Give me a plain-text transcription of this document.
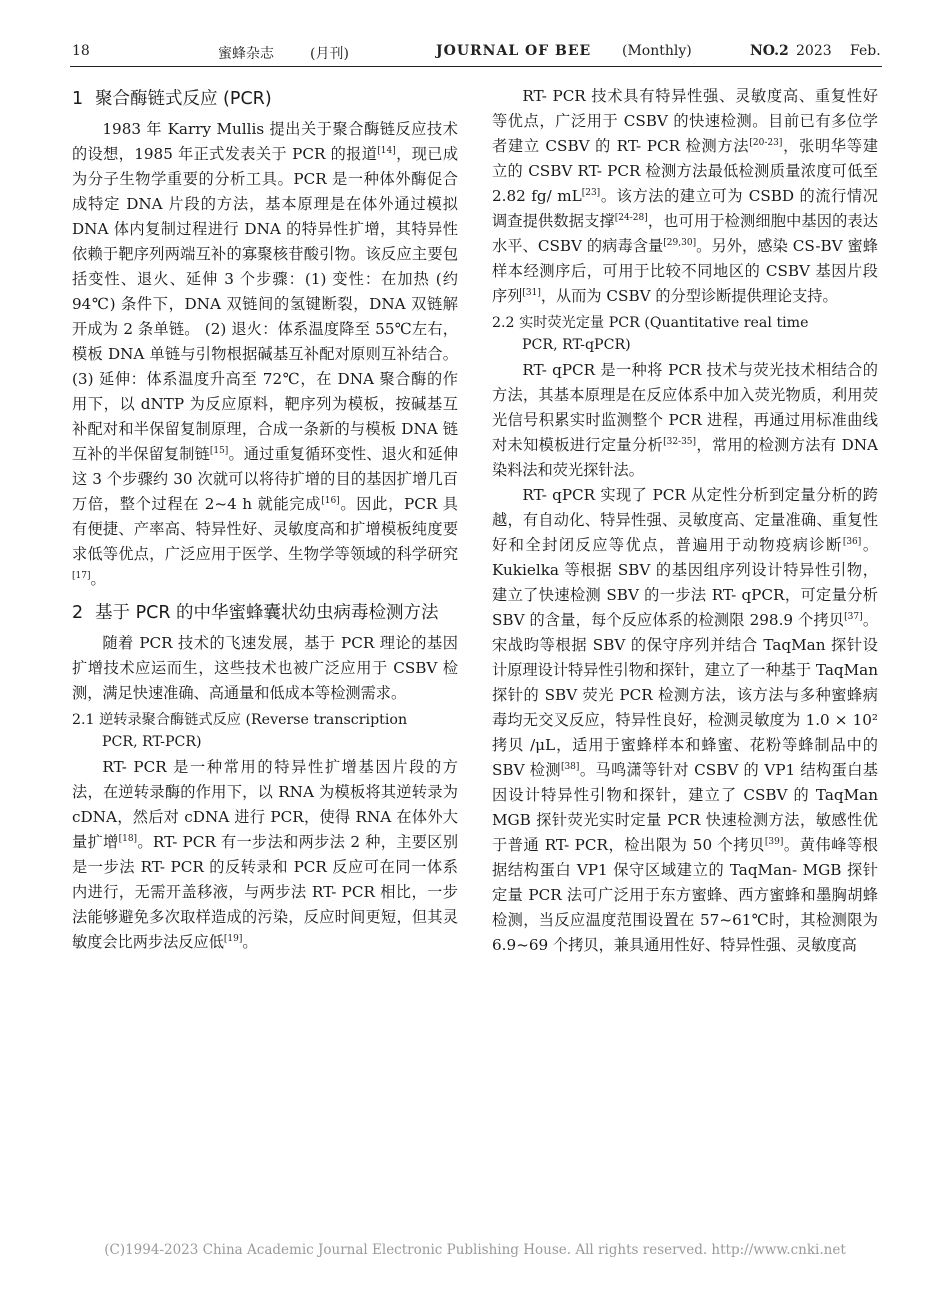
18	蜜蜂杂志	(月刊)	JOURNAL OF BEE (Monthly)	NO.2 2023 Feb.
1 聚合酶链式反应 (PCR)

1983 年 Karry Mullis 提出关于聚合酶链反应技术的设想，1985 年正式发表关于 PCR 的报道[14]，现已成为分子生物学重要的分析工具。PCR 是一种体外酶促合成特定 DNA 片段的方法，基本原理是在体外通过模拟 DNA 体内复制过程进行 DNA 的特异性扩增，其特异性依赖于靶序列两端互补的寡聚核苷酸引物。该反应主要包括变性、退火、延伸 3 个步骤：(1) 变性：在加热 (约 94℃) 条件下，DNA 双链间的氢键断裂，DNA 双链解开成为 2 条单链。 (2) 退火：体系温度降至 55℃左右，模板 DNA 单链与引物根据碱基互补配对原则互补结合。 (3) 延伸：体系温度升高至 72℃，在 DNA 聚合酶的作用下，以 dNTP 为反应原料，靶序列为模板，按碱基互补配对和半保留复制原理，合成一条新的与模板 DNA 链互补的半保留复制链[15]。通过重复循环变性、退火和延伸这 3 个步骤约 30 次就可以将待扩增的目的基因扩增几百万倍，整个过程在 2~4 h 就能完成[16]。因此，PCR 具有便捷、产率高、特异性好、灵敏度高和扩增模板纯度要求低等优点，广泛应用于医学、生物学等领域的科学研究[17]。

2 基于 PCR 的中华蜜蜂囊状幼虫病毒检测方法

随着 PCR 技术的飞速发展，基于 PCR 理论的基因扩增技术应运而生，这些技术也被广泛应用于 CSBV 检测，满足快速准确、高通量和低成本等检测需求。

2.1 逆转录聚合酶链式反应 (Reverse transcription
PCR, RT-PCR)

RT- PCR 是一种常用的特异性扩增基因片段的方法，在逆转录酶的作用下，以 RNA 为模板将其逆转录为 cDNA，然后对 cDNA 进行 PCR，使得 RNA 在体外大量扩增[18]。RT- PCR 有一步法和两步法 2 种，主要区别是一步法 RT- PCR 的反转录和 PCR 反应可在同一体系内进行，无需开盖移液，与两步法 RT- PCR 相比，一步法能够避免多次取样造成的污染，反应时间更短，但其灵敏度会比两步法反应低[19]。

RT- PCR 技术具有特异性强、灵敏度高、重复性好等优点，广泛用于 CSBV 的快速检测。目前已有多位学者建立 CSBV 的 RT- PCR 检测方法[20-23]，张明华等建立的 CSBV RT- PCR 检测方法最低检测质量浓度可低至 2.82 fg/ mL[23]。该方法的建立可为 CSBD 的流行情况调查提供数据支撑[24-28]，也可用于检测细胞中基因的表达水平、CSBV 的病毒含量[29,30]。另外，感染 CS-BV 蜜蜂样本经测序后，可用于比较不同地区的 CSBV 基因片段序列[31]，从而为 CSBV 的分型诊断提供理论支持。

2.2 实时荧光定量 PCR (Quantitative real time
PCR, RT-qPCR)

RT- qPCR 是一种将 PCR 技术与荧光技术相结合的方法，其基本原理是在反应体系中加入荧光物质，利用荧光信号积累实时监测整个 PCR 进程，再通过用标准曲线对未知模板进行定量分析[32-35]，常用的检测方法有 DNA 染料法和荧光探针法。

RT- qPCR 实现了 PCR 从定性分析到定量分析的跨越，有自动化、特异性强、灵敏度高、定量准确、重复性好和全封闭反应等优点，普遍用于动物疫病诊断[36]。Kukielka 等根据 SBV 的基因组序列设计特异性引物，建立了快速检测 SBV 的一步法 RT- qPCR，可定量分析 SBV 的含量，每个反应体系的检测限 298.9 个拷贝[37]。宋战昀等根据 SBV 的保守序列并结合 TaqMan 探针设计原理设计特异性引物和探针，建立了一种基于 TaqMan 探针的 SBV 荧光 PCR 检测方法，该方法与多种蜜蜂病毒均无交叉反应，特异性良好，检测灵敏度为 1.0 × 10² 拷贝 /μL，适用于蜜蜂样本和蜂蜜、花粉等蜂制品中的 SBV 检测[38]。马鸣潇等针对 CSBV 的 VP1 结构蛋白基因设计特异性引物和探针，建立了 CSBV 的 TaqMan MGB 探针荧光实时定量 PCR 快速检测方法，敏感性优于普通 RT- PCR，检出限为 50 个拷贝[39]。黄伟峰等根据结构蛋白 VP1 保守区域建立的 TaqMan- MGB 探针定量 PCR 法可广泛用于东方蜜蜂、西方蜜蜂和墨胸胡蜂检测，当反应温度范围设置在 57~61℃时，其检测限为 6.9~69 个拷贝，兼具通用性好、特异性强、灵敏度高

(C)1994-2023 China Academic Journal Electronic Publishing House. All rights reserved. http://www.cnki.net
